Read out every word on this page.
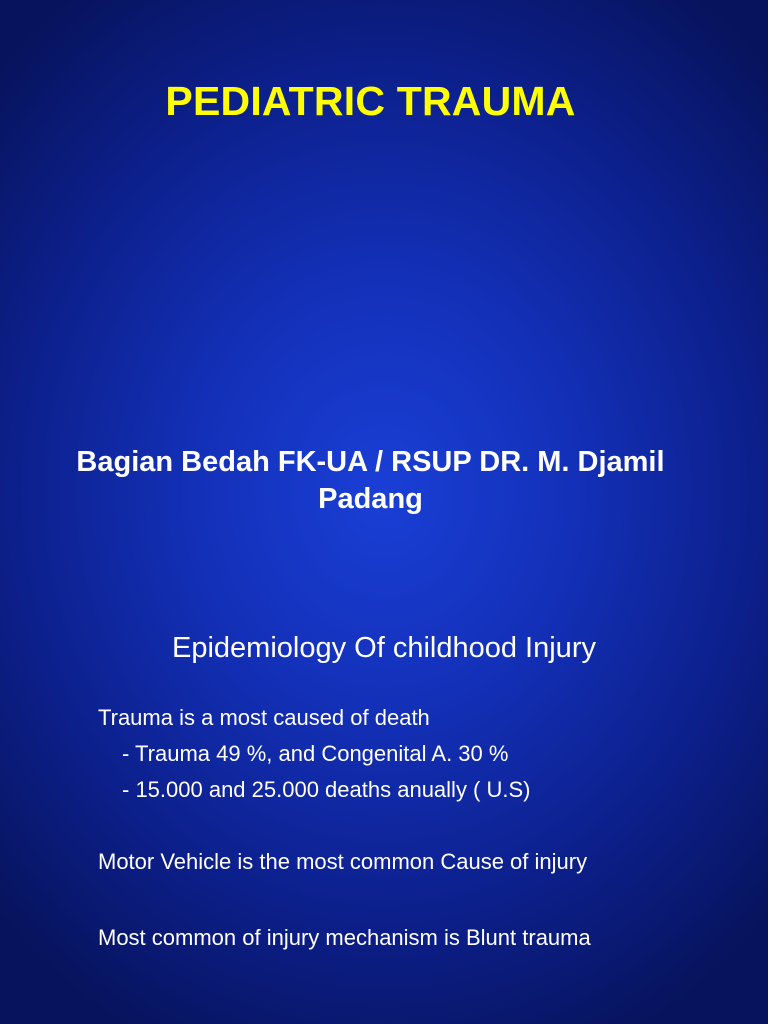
PEDIATRIC TRAUMA
Bagian Bedah FK-UA / RSUP DR. M. Djamil
Padang
Epidemiology Of childhood Injury
Trauma is a most caused of death
- Trauma 49 %, and Congenital A. 30 %
- 15.000 and 25.000 deaths anually ( U.S)
Motor Vehicle is the most common Cause of injury
Most common of injury mechanism is Blunt trauma
